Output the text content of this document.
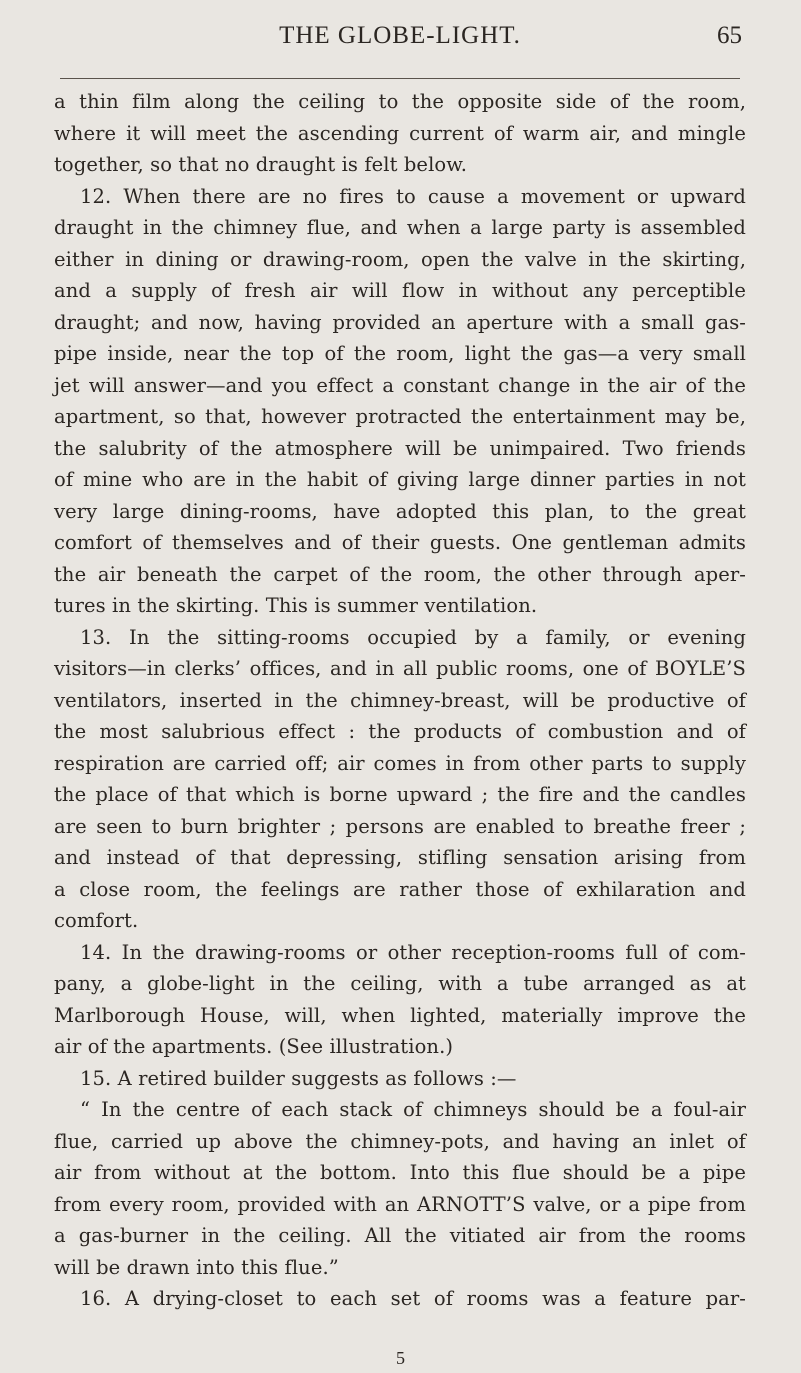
THE GLOBE-LIGHT.	65
a thin film along the ceiling to the opposite side of the room,
where it will meet the ascending current of warm air, and mingle
together, so that no draught is felt below.
12. When there are no fires to cause a movement or upward
draught in the chimney flue, and when a large party is assembled
either in dining or drawing-room, open the valve in the skirting,
and a supply of fresh air will flow in without any perceptible
draught; and now, having provided an aperture with a small gas-
pipe inside, near the top of the room, light the gas—a very small
jet will answer—and you effect a constant change in the air of the
apartment, so that, however protracted the entertainment may be,
the salubrity of the atmosphere will be unimpaired. Two friends
of mine who are in the habit of giving large dinner parties in not
very large dining-rooms, have adopted this plan, to the great
comfort of themselves and of their guests. One gentleman admits
the air beneath the carpet of the room, the other through aper-
tures in the skirting. This is summer ventilation.
13. In the sitting-rooms occupied by a family, or evening
visitors—in clerks’ offices, and in all public rooms, one of BOYLE’S
ventilators, inserted in the chimney-breast, will be productive of
the most salubrious effect : the products of combustion and of
respiration are carried off; air comes in from other parts to supply
the place of that which is borne upward ; the fire and the candles
are seen to burn brighter ; persons are enabled to breathe freer ;
and instead of that depressing, stifling sensation arising from
a close room, the feelings are rather those of exhilaration and
comfort.
14. In the drawing-rooms or other reception-rooms full of com-
pany, a globe-light in the ceiling, with a tube arranged as at
Marlborough House, will, when lighted, materially improve the
air of the apartments. (See illustration.)
15. A retired builder suggests as follows :—
“ In the centre of each stack of chimneys should be a foul-air
flue, carried up above the chimney-pots, and having an inlet of
air from without at the bottom. Into this flue should be a pipe
from every room, provided with an ARNOTT’S valve, or a pipe from
a gas-burner in the ceiling. All the vitiated air from the rooms
will be drawn into this flue.”
16. A drying-closet to each set of rooms was a feature par-
5
